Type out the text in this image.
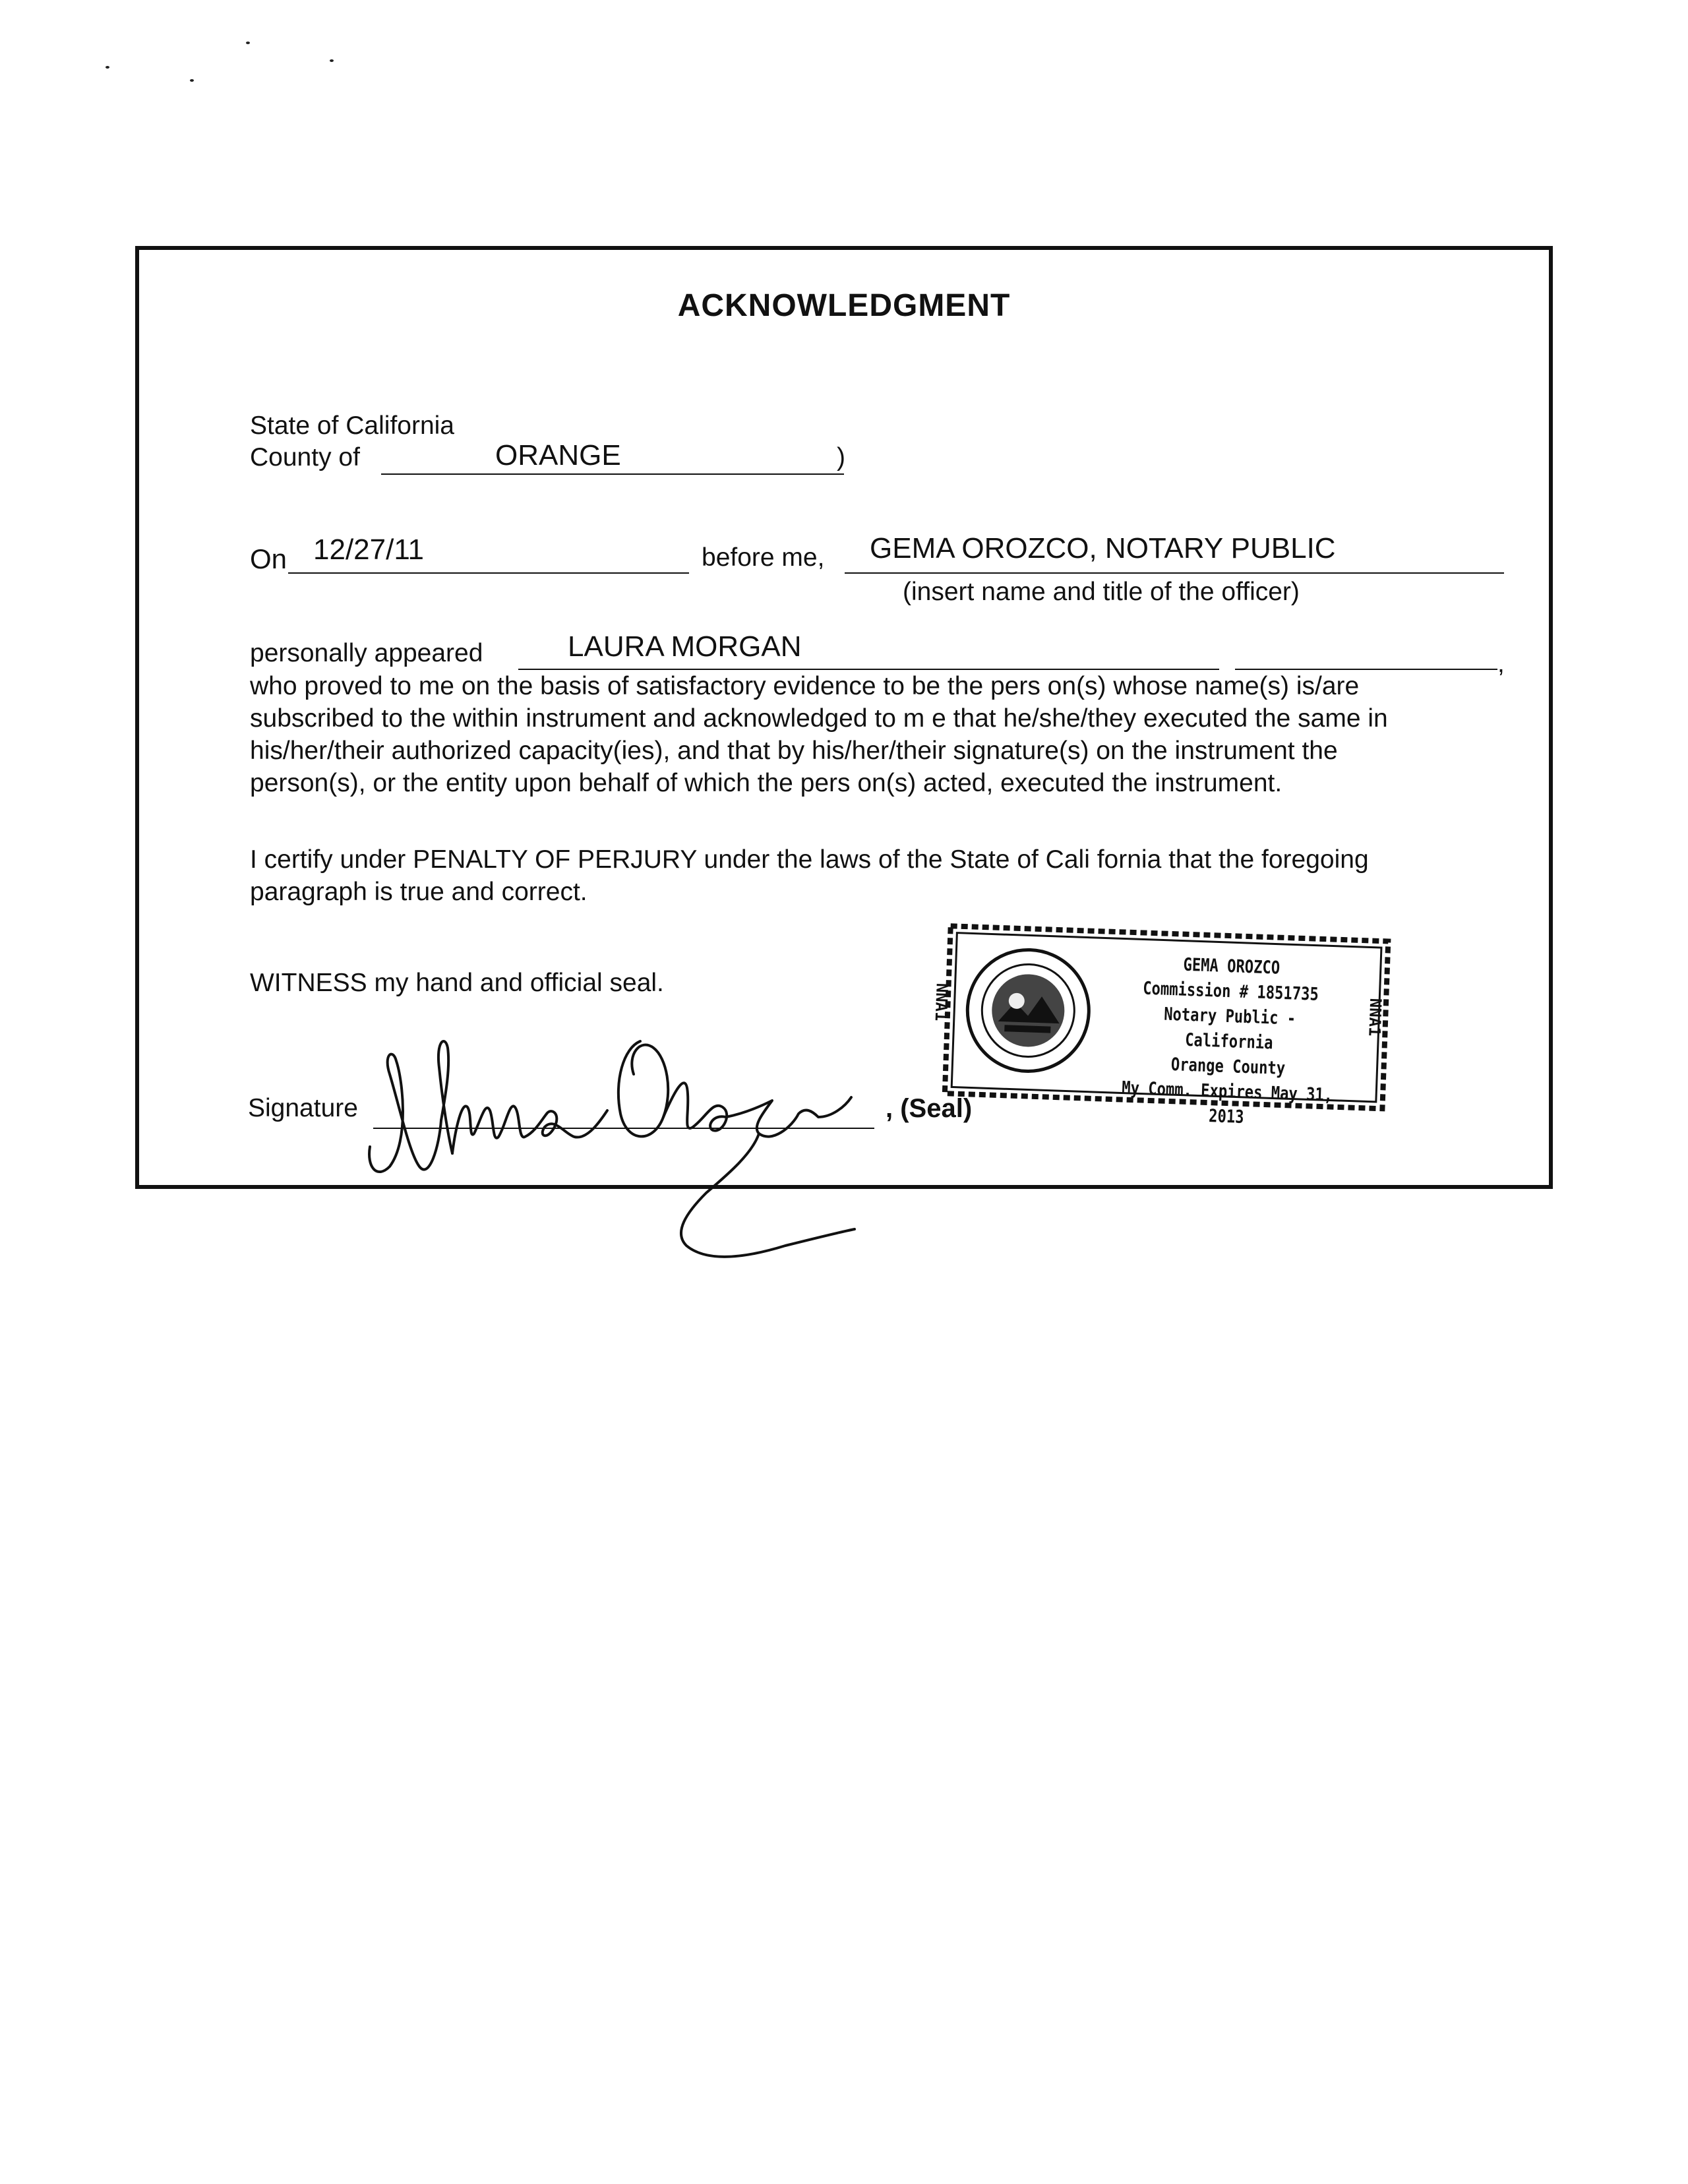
ACKNOWLEDGMENT
State of California
County of	ORANGE	)
On 12/27/11	before me, GEMA OROZCO, NOTARY PUBLIC
(insert name and title of the officer)
personally appeared	LAURA MORGAN
,
who proved to me on the basis of satisfactory evidence to be the pers on(s) whose name(s) is/are
subscribed to the within instrument and acknowledged to m e that he/she/they executed the same in
his/her/their authorized capacity(ies), and that by his/her/their signature(s) on the instrument the
person(s), or the entity upon behalf of which the pers on(s) acted, executed the instrument.
I certify under PENALTY OF PERJURY under the laws of the State of Cali fornia that the foregoing
paragraph is true and correct.
WITNESS my hand and official seal.
Signature	, (Seal)
GEMA OROZCO
Commission # 1851735
Notary Public - California
Orange County
My Comm. Expires May 31, 2013
NNA1	NNA1
